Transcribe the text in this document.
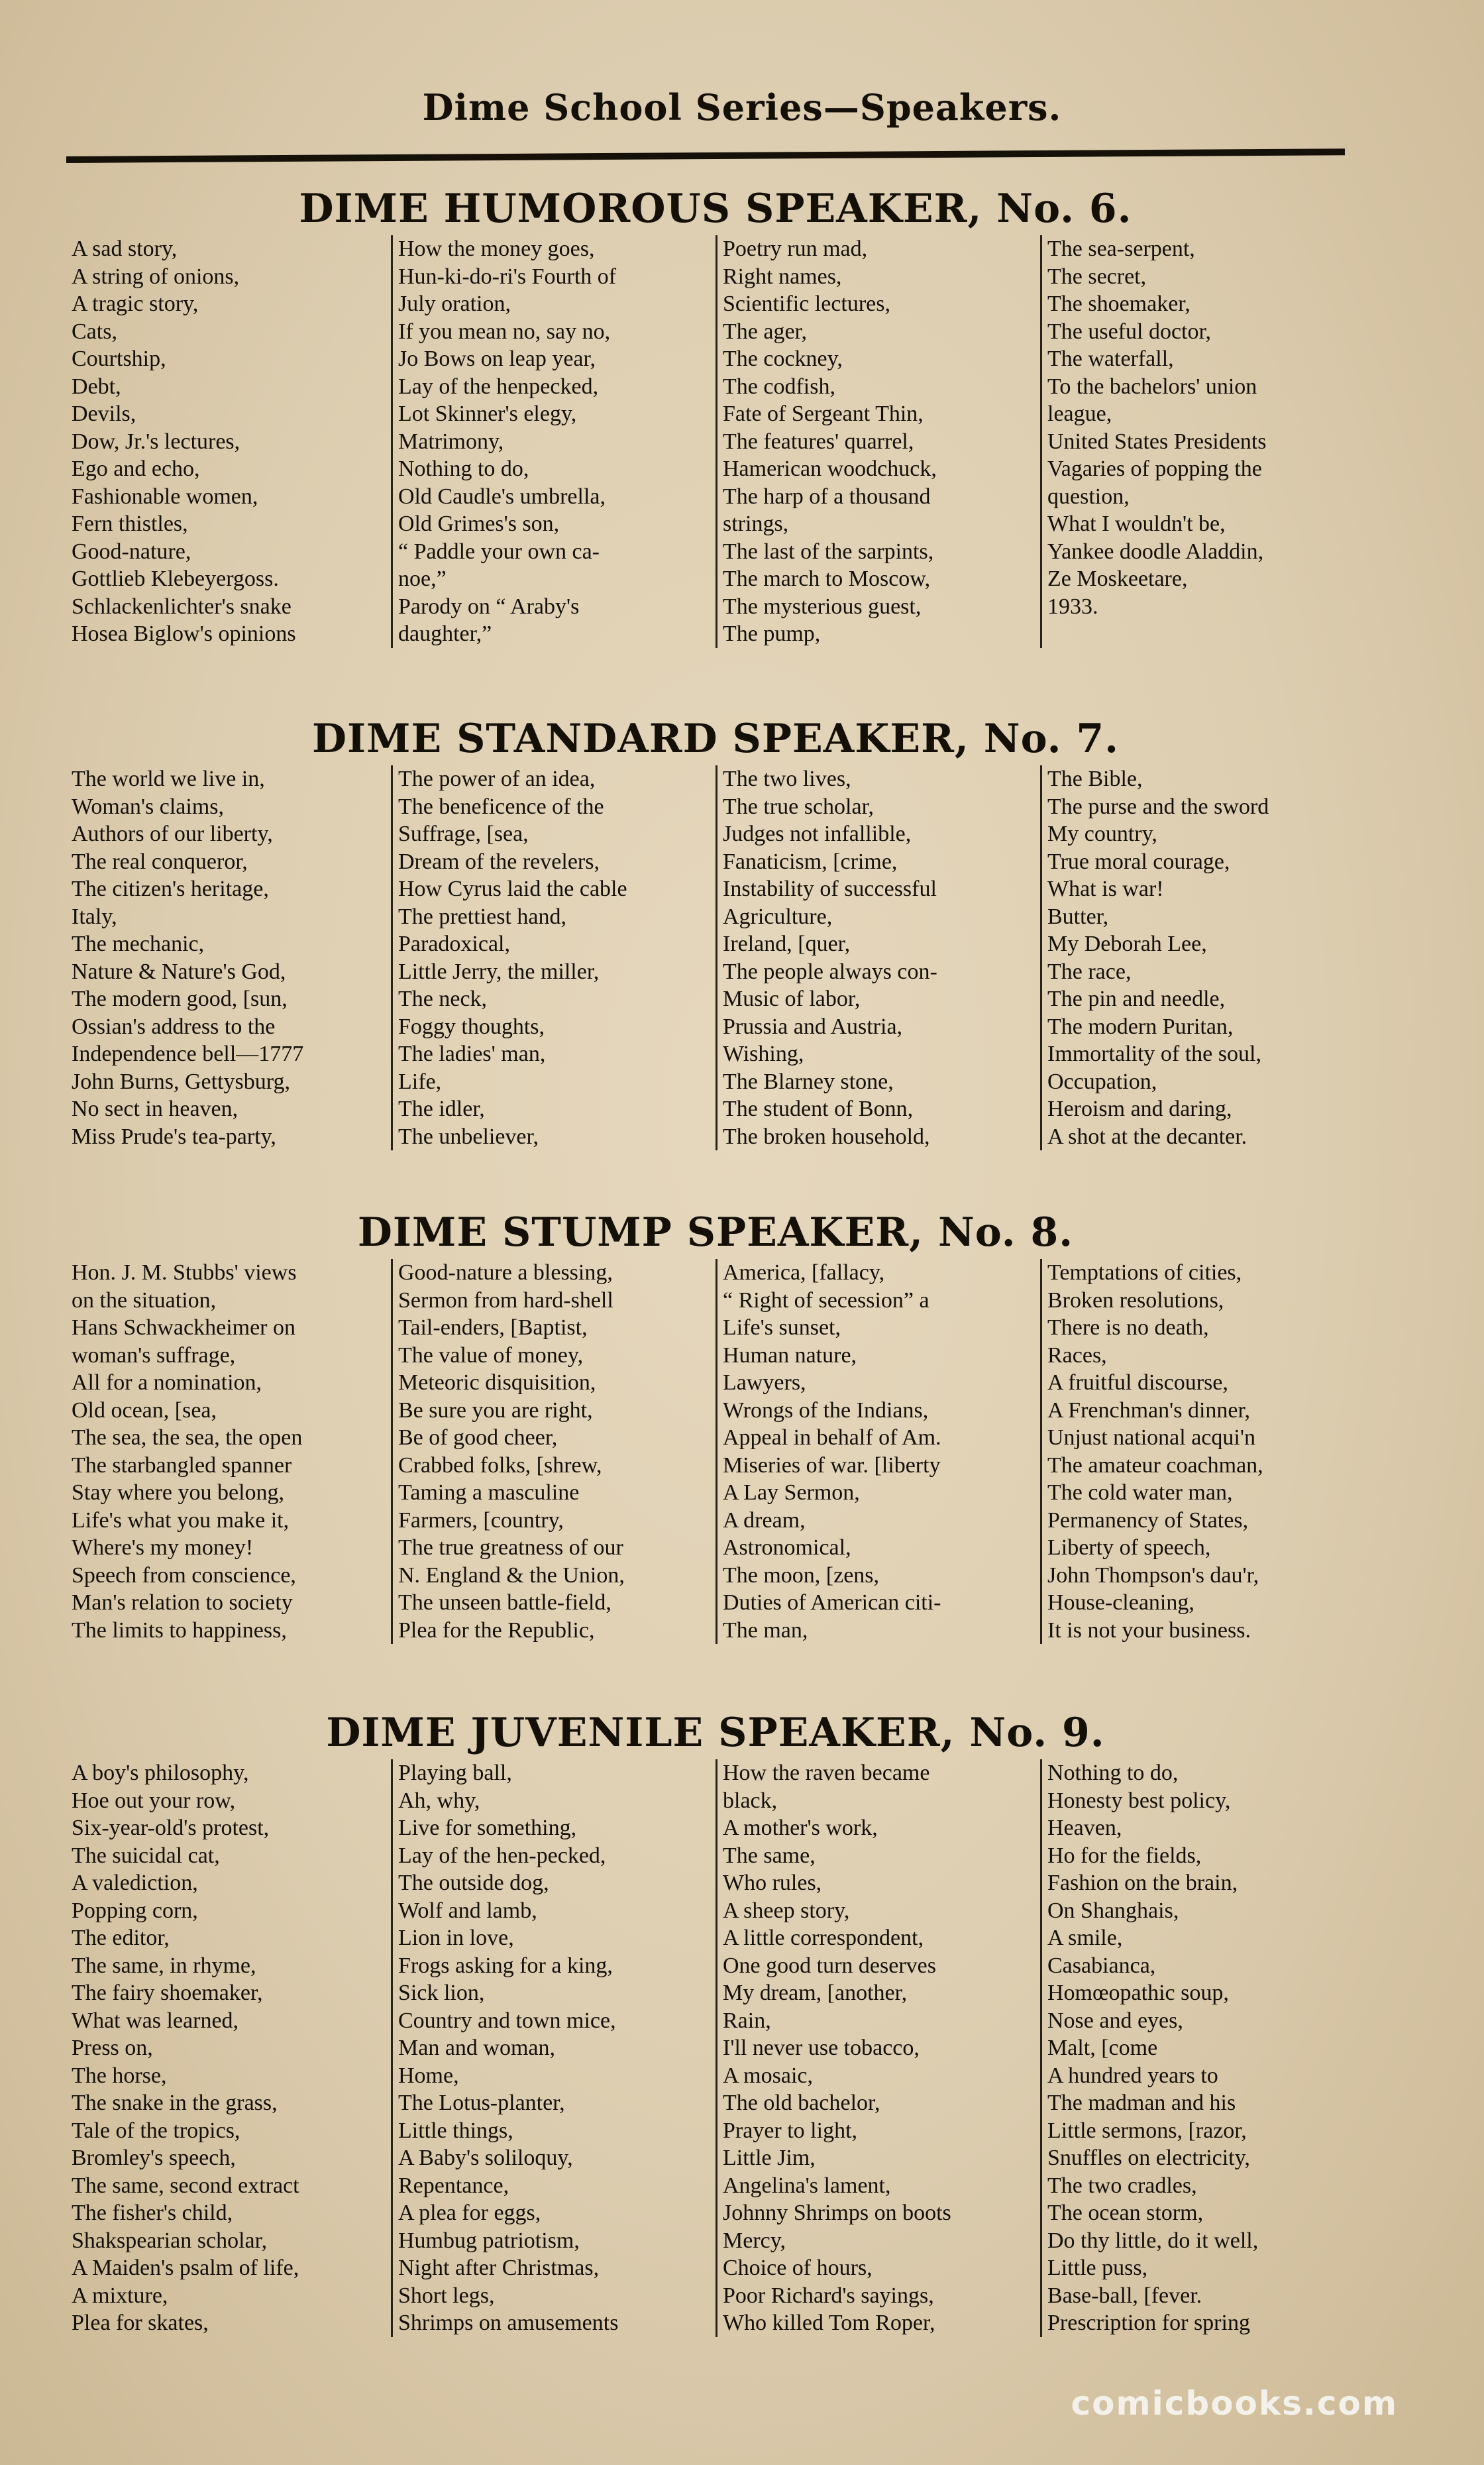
Dime School Series—Speakers.
DIME HUMOROUS SPEAKER, No. 6.
A sad story,
A string of onions,
A tragic story,
Cats,
Courtship,
Debt,
Devils,
Dow, Jr.'s lectures,
Ego and echo,
Fashionable women,
Fern thistles,
Good-nature,
Gottlieb Klebeyergoss.
Schlackenlichter's snake
Hosea Biglow's opinions
How the money goes,
Hun-ki-do-ri's Fourth of
July oration,
If you mean no, say no,
Jo Bows on leap year,
Lay of the henpecked,
Lot Skinner's elegy,
Matrimony,
Nothing to do,
Old Caudle's umbrella,
Old Grimes's son,
“ Paddle your own ca-
noe,”
Parody on “ Araby's
daughter,”
Poetry run mad,
Right names,
Scientific lectures,
The ager,
The cockney,
The codfish,
Fate of Sergeant Thin,
The features' quarrel,
Hamerican woodchuck,
The harp of a thousand
strings,
The last of the sarpints,
The march to Moscow,
The mysterious guest,
The pump,
The sea-serpent,
The secret,
The shoemaker,
The useful doctor,
The waterfall,
To the bachelors' union
league,
United States Presidents
Vagaries of popping the
question,
What I wouldn't be,
Yankee doodle Aladdin,
Ze Moskeetare,
1933.
DIME STANDARD SPEAKER, No. 7.
The world we live in,
Woman's claims,
Authors of our liberty,
The real conqueror,
The citizen's heritage,
Italy,
The mechanic,
Nature & Nature's God,
The modern good, [sun,
Ossian's address to the
Independence bell—1777
John Burns, Gettysburg,
No sect in heaven,
Miss Prude's tea-party,
The power of an idea,
The beneficence of the
Suffrage, [sea,
Dream of the revelers,
How Cyrus laid the cable
The prettiest hand,
Paradoxical,
Little Jerry, the miller,
The neck,
Foggy thoughts,
The ladies' man,
Life,
The idler,
The unbeliever,
The two lives,
The true scholar,
Judges not infallible,
Fanaticism, [crime,
Instability of successful
Agriculture,
Ireland, [quer,
The people always con-
Music of labor,
Prussia and Austria,
Wishing,
The Blarney stone,
The student of Bonn,
The broken household,
The Bible,
The purse and the sword
My country,
True moral courage,
What is war!
Butter,
My Deborah Lee,
The race,
The pin and needle,
The modern Puritan,
Immortality of the soul,
Occupation,
Heroism and daring,
A shot at the decanter.
DIME STUMP SPEAKER, No. 8.
Hon. J. M. Stubbs' views
on the situation,
Hans Schwackheimer on
woman's suffrage,
All for a nomination,
Old ocean, [sea,
The sea, the sea, the open
The starbangled spanner
Stay where you belong,
Life's what you make it,
Where's my money!
Speech from conscience,
Man's relation to society
The limits to happiness,
Good-nature a blessing,
Sermon from hard-shell
Tail-enders, [Baptist,
The value of money,
Meteoric disquisition,
Be sure you are right,
Be of good cheer,
Crabbed folks, [shrew,
Taming a masculine
Farmers, [country,
The true greatness of our
N. England & the Union,
The unseen battle-field,
Plea for the Republic,
America, [fallacy,
“ Right of secession” a
Life's sunset,
Human nature,
Lawyers,
Wrongs of the Indians,
Appeal in behalf of Am.
Miseries of war. [liberty
A Lay Sermon,
A dream,
Astronomical,
The moon, [zens,
Duties of American citi-
The man,
Temptations of cities,
Broken resolutions,
There is no death,
Races,
A fruitful discourse,
A Frenchman's dinner,
Unjust national acqui'n
The amateur coachman,
The cold water man,
Permanency of States,
Liberty of speech,
John Thompson's dau'r,
House-cleaning,
It is not your business.
DIME JUVENILE SPEAKER, No. 9.
A boy's philosophy,
Hoe out your row,
Six-year-old's protest,
The suicidal cat,
A valediction,
Popping corn,
The editor,
The same, in rhyme,
The fairy shoemaker,
What was learned,
Press on,
The horse,
The snake in the grass,
Tale of the tropics,
Bromley's speech,
The same, second extract
The fisher's child,
Shakspearian scholar,
A Maiden's psalm of life,
A mixture,
Plea for skates,
Playing ball,
Ah, why,
Live for something,
Lay of the hen-pecked,
The outside dog,
Wolf and lamb,
Lion in love,
Frogs asking for a king,
Sick lion,
Country and town mice,
Man and woman,
Home,
The Lotus-planter,
Little things,
A Baby's soliloquy,
Repentance,
A plea for eggs,
Humbug patriotism,
Night after Christmas,
Short legs,
Shrimps on amusements
How the raven became
black,
A mother's work,
The same,
Who rules,
A sheep story,
A little correspondent,
One good turn deserves
My dream, [another,
Rain,
I'll never use tobacco,
A mosaic,
The old bachelor,
Prayer to light,
Little Jim,
Angelina's lament,
Johnny Shrimps on boots
Mercy,
Choice of hours,
Poor Richard's sayings,
Who killed Tom Roper,
Nothing to do,
Honesty best policy,
Heaven,
Ho for the fields,
Fashion on the brain,
On Shanghais,
A smile,
Casabianca,
Homœopathic soup,
Nose and eyes,
Malt, [come
A hundred years to
The madman and his
Little sermons, [razor,
Snuffles on electricity,
The two cradles,
The ocean storm,
Do thy little, do it well,
Little puss,
Base-ball, [fever.
Prescription for spring
comicbooks.com
